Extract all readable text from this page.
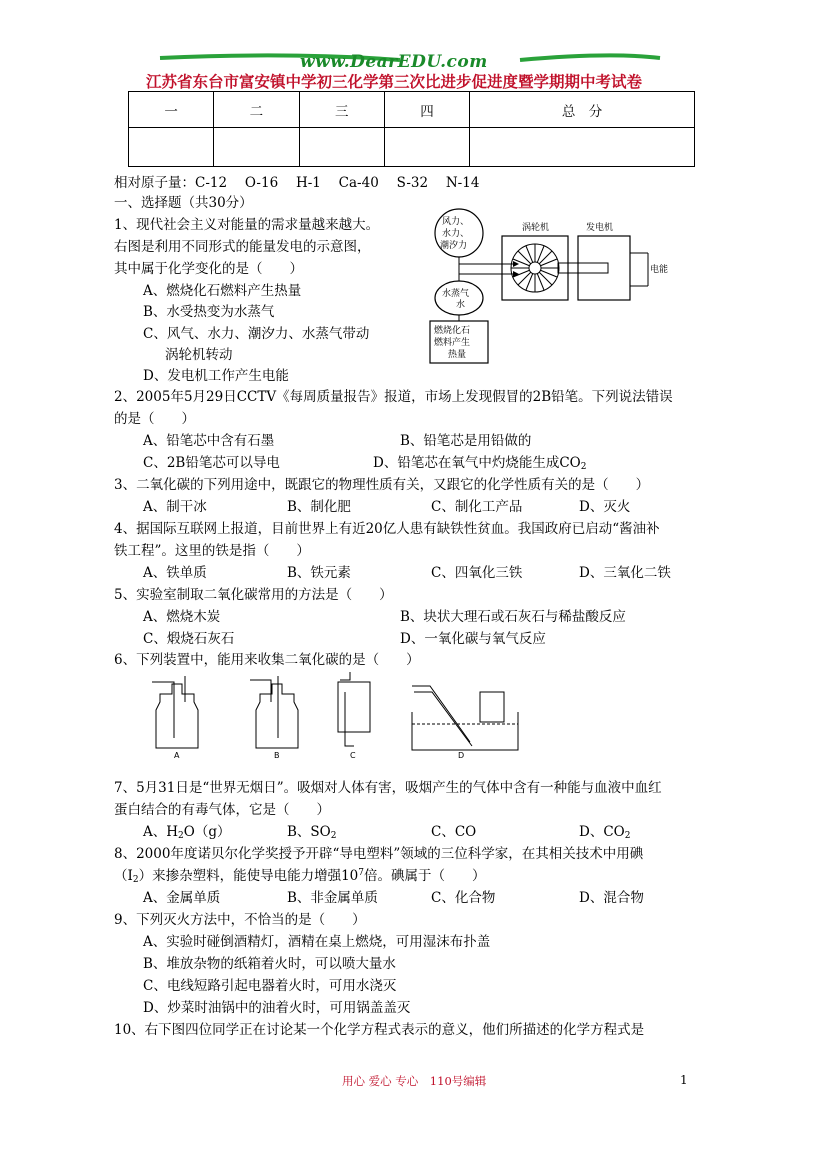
www.DearEDU.com
江苏省东台市富安镇中学初三化学第三次比进步促进度暨学期期中考试卷
一	二	三	四	总　分

相对原子量：C-12　 O-16　 H-1　 Ca-40　 S-32　 N-14
一、选择题（共30分）
1、现代社会主义对能量的需求量越来越大。
右图是利用不同形式的能量发电的示意图，
其中属于化学变化的是（　　）
A、燃烧化石燃料产生热量
B、水受热变为水蒸气
C、风气、水力、潮汐力、水蒸气带动
涡轮机转动
D、发电机工作产生电能
风力、
水力、
潮汐力
水蒸气
水
燃烧化石
燃料产生
热量
涡轮机	发电机
电能
2、2005年5月29日CCTV《每周质量报告》报道，市场上发现假冒的2B铅笔。下列说法错误
的是（　　）
A、铅笔芯中含有石墨	B、铅笔芯是用铅做的
C、2B铅笔芯可以导电	D、铅笔芯在氧气中灼烧能生成$CO_2$
3、二氧化碳的下列用途中，既跟它的物理性质有关，又跟它的化学性质有关的是（　　）
A、制干冰	B、制化肥	C、制化工产品	D、灭火
4、据国际互联网上报道，目前世界上有近20亿人患有缺铁性贫血。我国政府已启动“酱油补
铁工程”。这里的铁是指（　　）
A、铁单质	B、铁元素	C、四氧化三铁	D、三氧化二铁
5、实验室制取二氧化碳常用的方法是（　　）
A、燃烧木炭	B、块状大理石或石灰石与稀盐酸反应
C、煅烧石灰石	D、一氧化碳与氧气反应
6、下列装置中，能用来收集二氧化碳的是（　　）
A	B	C	D
7、5月31日是“世界无烟日”。吸烟对人体有害，吸烟产生的气体中含有一种能与血液中血红
蛋白结合的有毒气体，它是（　　）
A、$H_2O(g)$	B、$SO_2$	C、CO	D、$CO_2$
8、2000年度诺贝尔化学奖授予开辟“导电塑料”领域的三位科学家，在其相关技术中用碘
$(I_2)$来掺杂塑料，能使导电能力增强$10^7$倍。碘属于（　　）
A、金属单质	B、非金属单质	C、化合物	D、混合物
9、下列灭火方法中，不恰当的是（　　）
A、实验时碰倒酒精灯，酒精在桌上燃烧，可用湿沫布扑盖
B、堆放杂物的纸箱着火时，可以喷大量水
C、电线短路引起电器着火时，可用水浇灭
D、炒菜时油锅中的油着火时，可用锅盖盖灭
10、右下图四位同学正在讨论某一个化学方程式表示的意义，他们所描述的化学方程式是
用心 爱心 专心　110号编辑	1
